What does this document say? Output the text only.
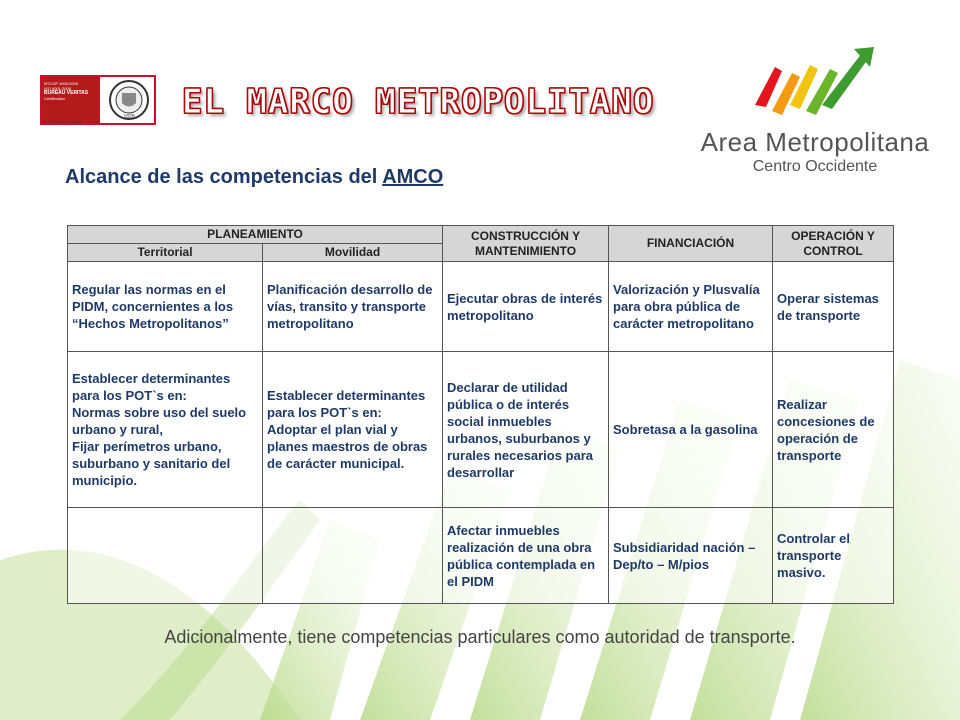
NTCGP 1000:2009
ISO 9001:2008
BUREAU VERITAS
Certification
1828
No. GP0323 No. CO224980	EL MARCO METROPOLITANO
Area Metropolitana
Centro Occidente
Alcance de las competencias del AMCO
PLANEAMIENTO		CONSTRUCCIÓN Y MANTENIMIENTO	FINANCIACIÓN	OPERACIÓN Y CONTROL
Territorial	Movilidad			
Regular las normas en el PIDM, concernientes a los “Hechos Metropolitanos”	Planificación desarrollo de vías, transito y transporte metropolitano	Ejecutar obras de interés metropolitano	Valorización y Plusvalía para obra pública de carácter metropolitano	Operar sistemas de transporte
Establecer determinantes para los POT`s en:
Normas sobre uso del suelo urbano y rural,
Fijar perímetros urbano, suburbano y sanitario del municipio.	Establecer determinantes para los POT`s en:
Adoptar el plan vial y planes maestros de obras de carácter municipal.	Declarar de utilidad pública o de interés social inmuebles urbanos, suburbanos y rurales necesarios para desarrollar	Sobretasa a la gasolina	Realizar concesiones de operación de transporte
		Afectar inmuebles realización de una obra pública contemplada en el PIDM	Subsidiaridad nación – Dep/to – M/pios	Controlar el transporte masivo.
Adicionalmente, tiene competencias particulares como autoridad de transporte.
